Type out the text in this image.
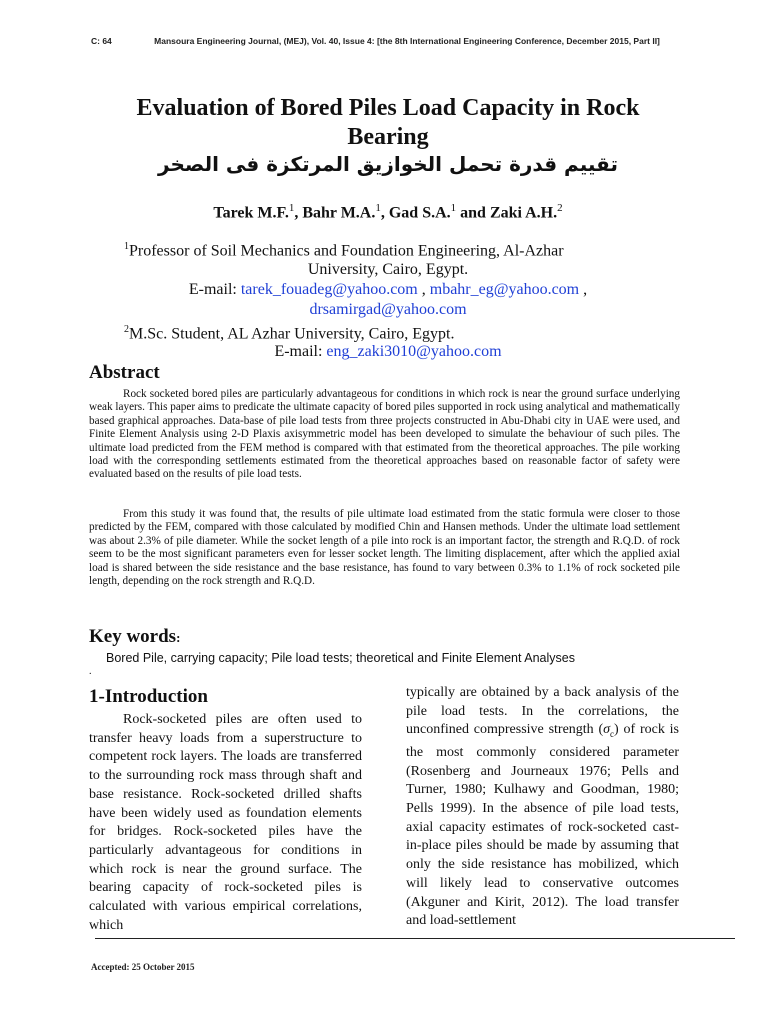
C: 64	Mansoura Engineering Journal, (MEJ), Vol. 40, Issue 4: [the 8th International Engineering Conference, December 2015, Part II]
Evaluation of Bored Piles Load Capacity in Rock Bearing
تقييم قدرة تحمل الخوازيق المرتكزة فى الصخر
Tarek M.F.$^1$, Bahr M.A.$^1$, Gad S.A.$^1$ and Zaki A.H.$^2$
$^1$Professor of Soil Mechanics and Foundation Engineering, Al-Azhar
University, Cairo, Egypt.
E-mail: tarek_fouadeg@yahoo.com , mbahr_eg@yahoo.com ,
drsamirgad@yahoo.com
$^2$M.Sc. Student, AL Azhar University, Cairo, Egypt.
E-mail: eng_zaki3010@yahoo.com
Abstract
Rock socketed bored piles are particularly advantageous for conditions in which rock is near the ground surface underlying weak layers. This paper aims to predicate the ultimate capacity of bored piles supported in rock using analytical and mathematically based graphical approaches. Data-base of pile load tests from three projects constructed in Abu-Dhabi city in UAE were used, and Finite Element Analysis using 2-D Plaxis axisymmetric model has been developed to simulate the behaviour of such piles. The ultimate load predicted from the FEM method is compared with that estimated from the theoretical approaches. The pile working load with the corresponding settlements estimated from the theoretical approaches based on reasonable factor of safety were evaluated based on the results of pile load tests.
From this study it was found that, the results of pile ultimate load estimated from the static formula were closer to those predicted by the FEM, compared with those calculated by modified Chin and Hansen methods. Under the ultimate load settlement was about 2.3% of pile diameter. While the socket length of a pile into rock is an important factor, the strength and R.Q.D. of rock seem to be the most significant parameters even for lesser socket length. The limiting displacement, after which the applied axial load is shared between the side resistance and the base resistance, has found to vary between 0.3% to 1.1% of rock socketed pile length, depending on the rock strength and R.Q.D.
Key words:
Bored Pile, carrying capacity; Pile load tests; theoretical and Finite Element Analyses
.
1-Introduction
Rock-socketed piles are often used to transfer heavy loads from a superstructure to competent rock layers. The loads are transferred to the surrounding rock mass through shaft and base resistance. Rock-socketed drilled shafts have been widely used as foundation elements for bridges. Rock-socketed piles have the particularly advantageous for conditions in which rock is near the ground surface. The bearing capacity of rock-socketed piles is calculated with various empirical correlations, which
typically are obtained by a back analysis of the pile load tests. In the correlations, the unconfined compressive strength $(\sigma_c)$ of rock is the most commonly considered parameter (Rosenberg and Journeaux 1976; Pells and Turner, 1980; Kulhawy and Goodman, 1980; Pells 1999). In the absence of pile load tests, axial capacity estimates of rock-socketed cast-in-place piles should be made by assuming that only the side resistance has mobilized, which will likely lead to conservative outcomes (Akguner and Kirit, 2012). The load transfer and load-settlement
Accepted: 25 October 2015
